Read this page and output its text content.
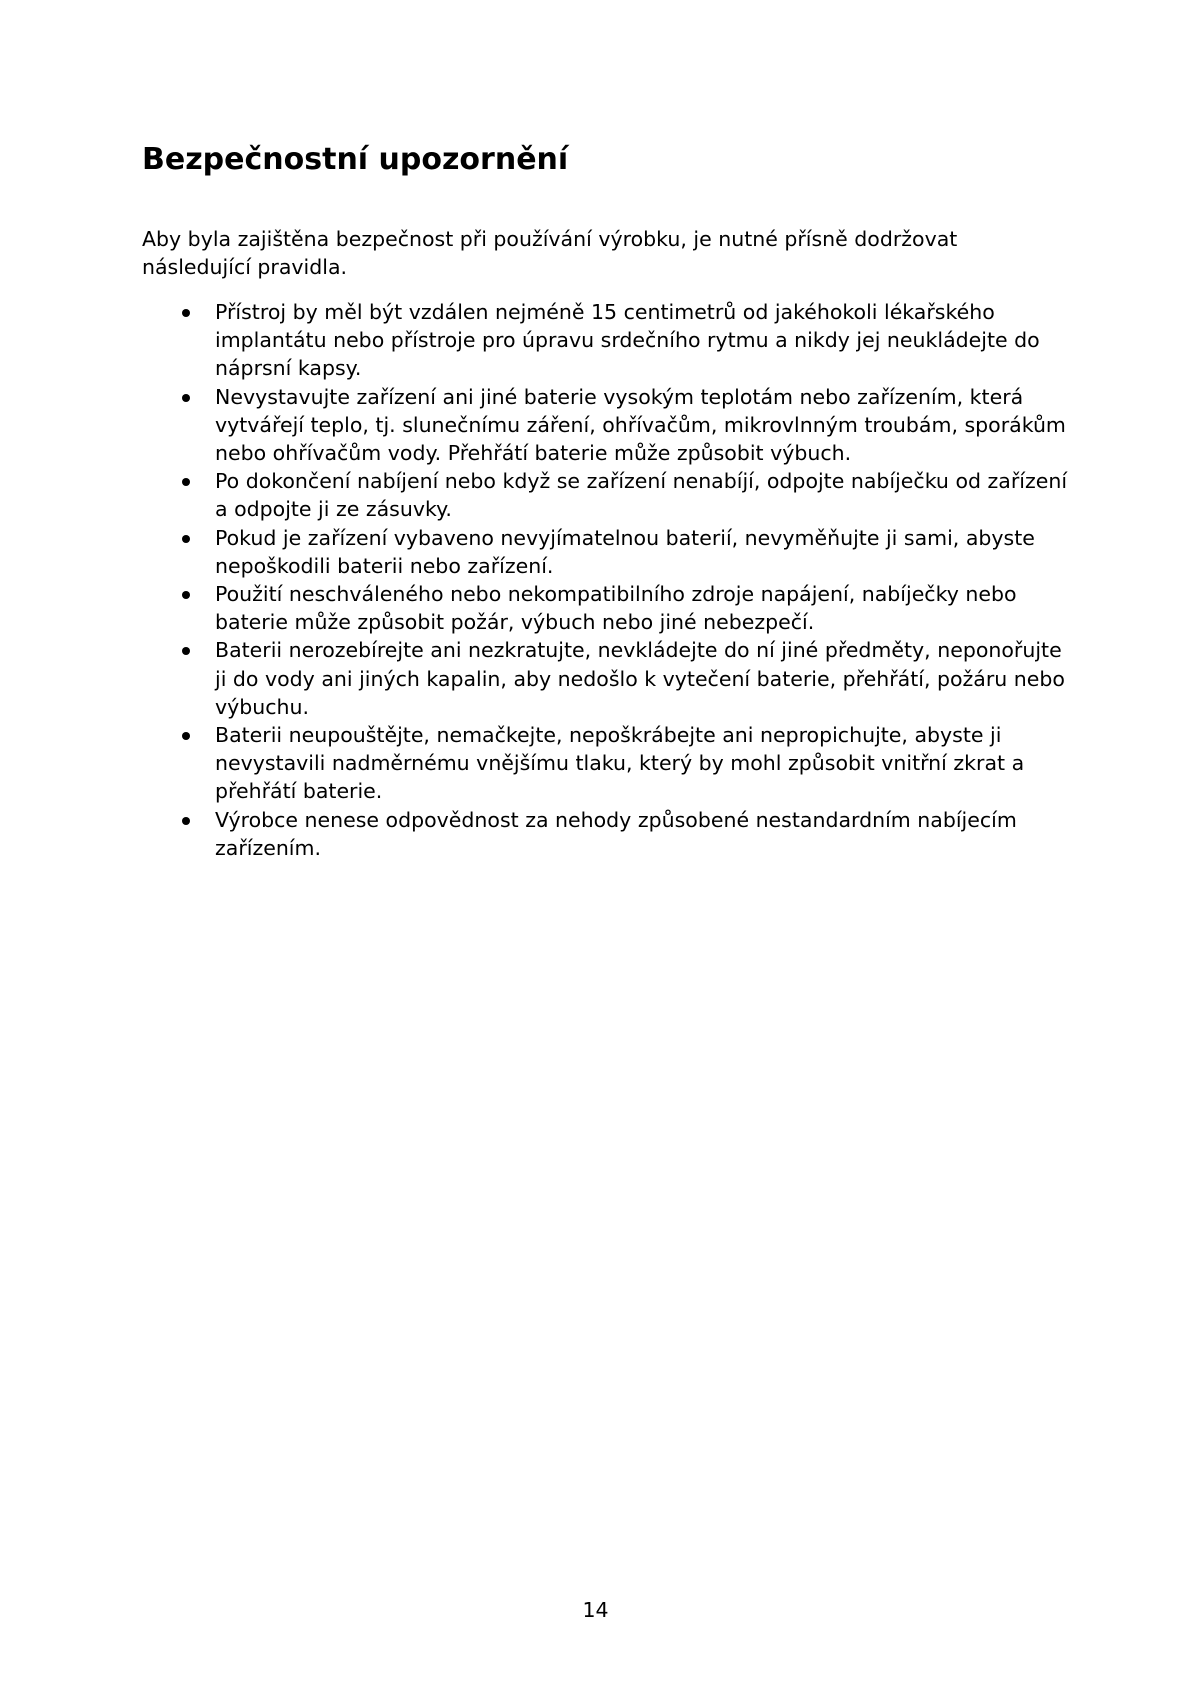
Bezpečnostní upozornění

Aby byla zajištěna bezpečnost při používání výrobku, je nutné přísně dodržovat následující pravidla.

Přístroj by měl být vzdálen nejméně 15 centimetrů od jakéhokoli lékařského implantátu nebo přístroje pro úpravu srdečního rytmu a nikdy jej neukládejte do náprsní kapsy.
Nevystavujte zařízení ani jiné baterie vysokým teplotám nebo zařízením, která vytvářejí teplo, tj. slunečnímu záření, ohřívačům, mikrovlnným troubám, sporákům nebo ohřívačům vody. Přehřátí baterie může způsobit výbuch.
Po dokončení nabíjení nebo když se zařízení nenabíjí, odpojte nabíječku od zařízení a odpojte ji ze zásuvky.
Pokud je zařízení vybaveno nevyjímatelnou baterií, nevyměňujte ji sami, abyste nepoškodili baterii nebo zařízení.
Použití neschváleného nebo nekompatibilního zdroje napájení, nabíječky nebo baterie může způsobit požár, výbuch nebo jiné nebezpečí.
Baterii nerozebírejte ani nezkratujte, nevkládejte do ní jiné předměty, neponořujte ji do vody ani jiných kapalin, aby nedošlo k vytečení baterie, přehřátí, požáru nebo výbuchu.
Baterii neupouštějte, nemačkejte, nepoškrábejte ani nepropichujte, abyste ji nevystavili nadměrnému vnějšímu tlaku, který by mohl způsobit vnitřní zkrat a přehřátí baterie.
Výrobce nenese odpovědnost za nehody způsobené nestandardním nabíjecím zařízením.
14
